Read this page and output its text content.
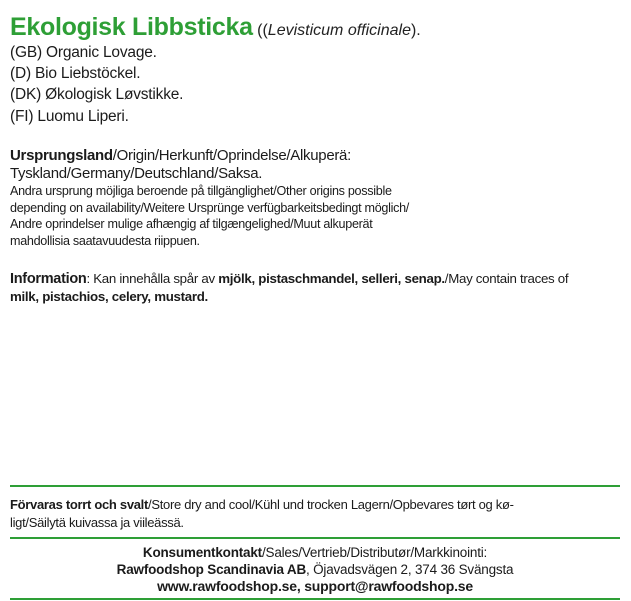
Ekologisk Libbsticka ((Levisticum officinale).
(GB) Organic Lovage.
(D) Bio Liebstöckel.
(DK) Økologisk Løvstikke.
(FI) Luomu Liperi.
Ursprungsland/Origin/Herkunft/Oprindelse/Alkuperä:
Tyskland/Germany/Deutschland/Saksa.
Andra ursprung möjliga beroende på tillgänglighet/Other origins possible
depending on availability/Weitere Ursprünge verfügbarkeitsbedingt möglich/
Andre oprindelser mulige afhængig af tilgængelighed/Muut alkuperät
mahdollisia saatavuudesta riippuen.
Information: Kan innehålla spår av mjölk, pistaschmandel, selleri, senap./May contain traces of
milk, pistachios, celery, mustard.
Förvaras torrt och svalt/Store dry and cool/Kühl und trocken Lagern/Opbevares tørt og kø-
ligt/Säilytä kuivassa ja viileässä.
Konsumentkontakt/Sales/Vertrieb/Distributør/Markkinointi:
Rawfoodshop Scandinavia AB, Öjavadsvägen 2, 374 36 Svängsta
www.rawfoodshop.se, support@rawfoodshop.se
